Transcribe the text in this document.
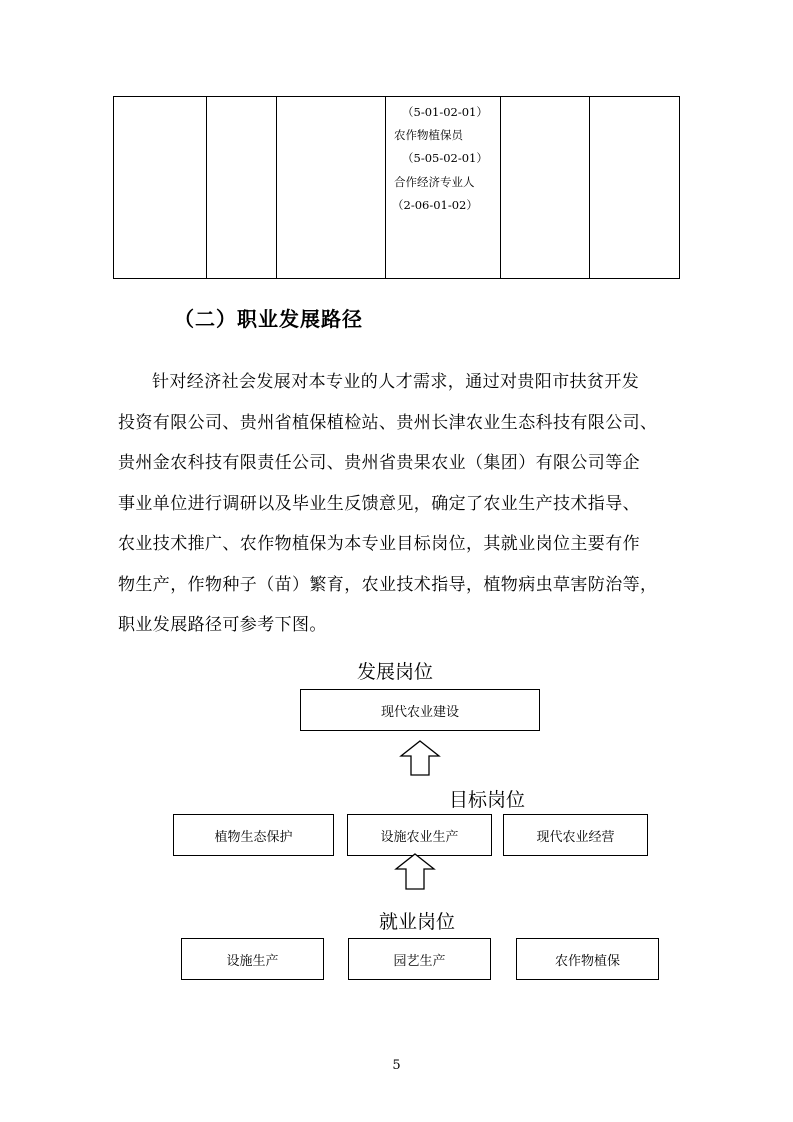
（5-01-02-01）
农作物植保员
（5-05-02-01）
合作经济专业人
（2-06-01-02）
（二）职业发展路径
针对经济社会发展对本专业的人才需求，通过对贵阳市扶贫开发
投资有限公司、贵州省植保植检站、贵州长津农业生态科技有限公司、
贵州金农科技有限责任公司、贵州省贵果农业（集团）有限公司等企
事业单位进行调研以及毕业生反馈意见，确定了农业生产技术指导、
农业技术推广、农作物植保为本专业目标岗位，其就业岗位主要有作
物生产，作物种子（苗）繁育，农业技术指导，植物病虫草害防治等，
职业发展路径可参考下图。
发展岗位
现代农业建设
目标岗位
植物生态保护	设施农业生产	现代农业经营
就业岗位
设施生产	园艺生产	农作物植保
5
